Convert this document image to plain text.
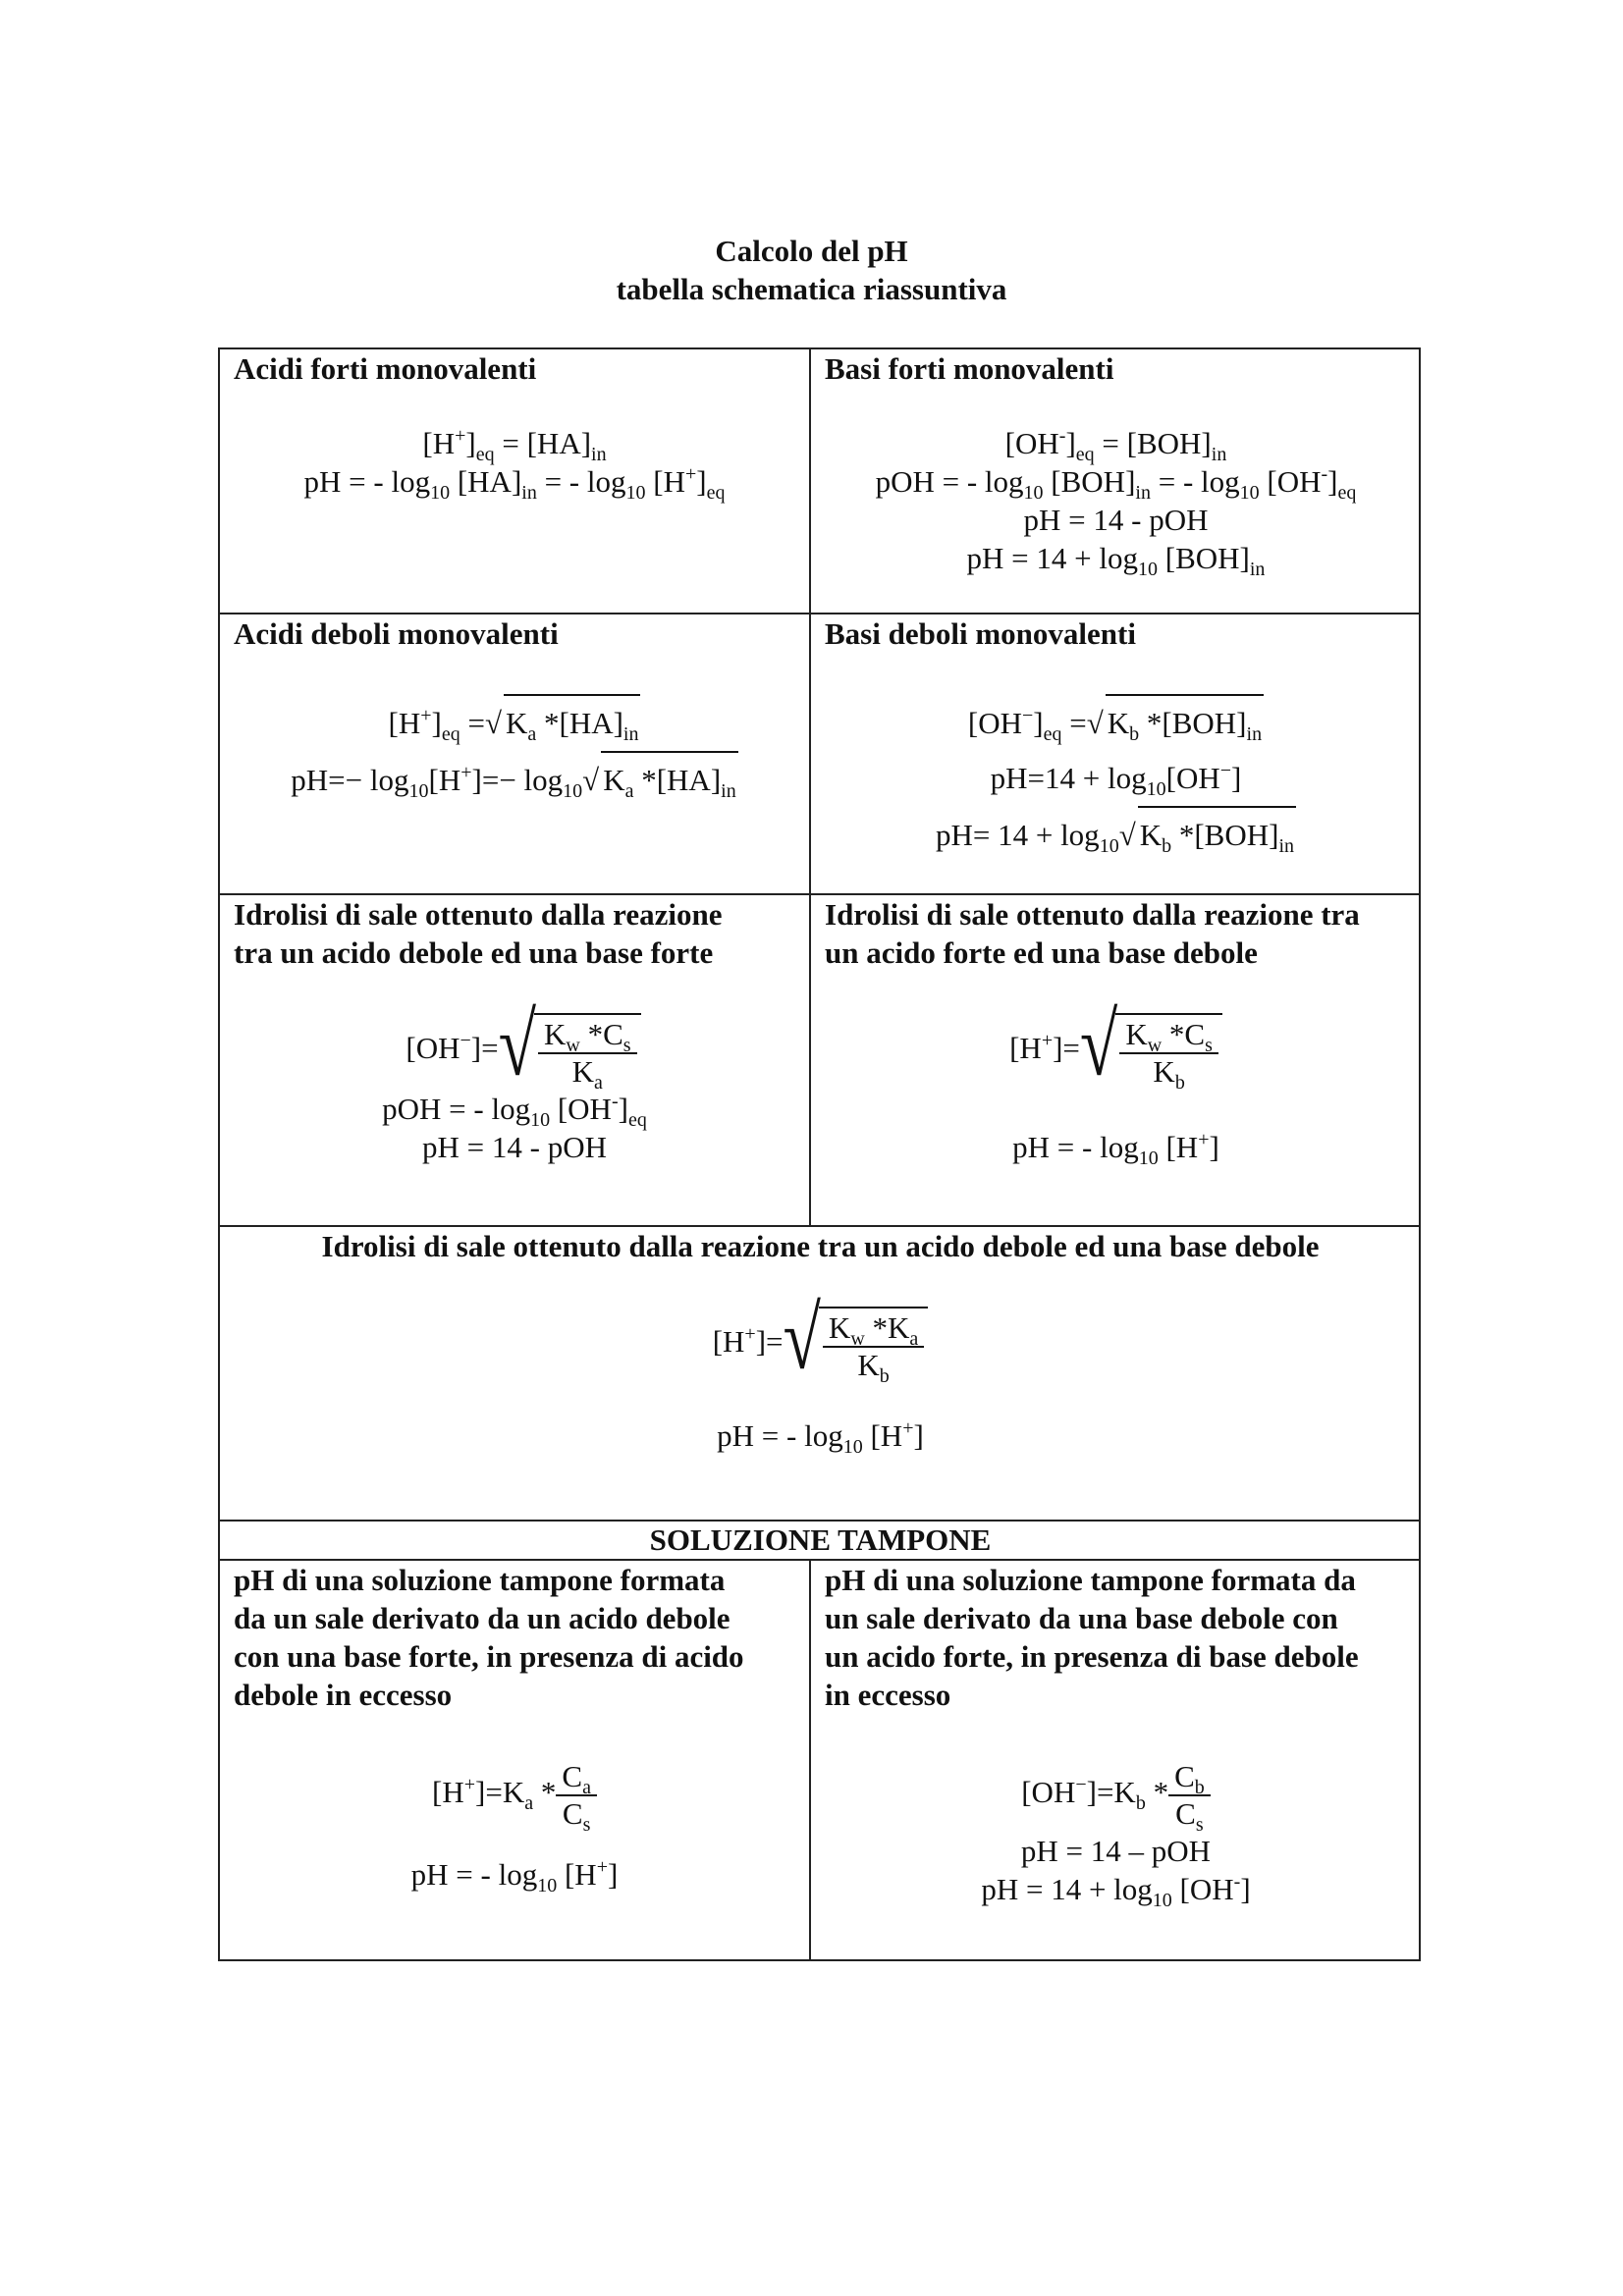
Calcolo del pH
tabella schematica riassuntiva
Acidi forti monovalenti
$[H^+]_{eq} = [HA]_{in}$
pH = - $\log_{10} [HA]_{in}$ = - $\log_{10} [H^+]_{eq}$
Basi forti monovalenti
$[OH^-]_{eq} = [BOH]_{in}$
pOH = - $\log_{10} [BOH]_{in}$ = - $\log_{10} [OH^-]_{eq}$
pH = 14 - pOH
pH = $14 + \log_{10} [BOH]_{in}$
Acidi deboli monovalenti
$[H^+]_{eq}$ =√ $K_a$ $*[HA]_{in}$
$pH=- \log_{10}[H^+]=- \log_{10}√$ $K_a$ $*[HA]_{in}$
Basi deboli monovalenti
$[OH^-]_{eq}$ =√ $K_b$ $*[BOH]_{in}$
$pH=14 + \log_{10}[OH^-]$
$pH= 14 + \log_{10}√$ $K_b$ $*[BOH]_{in}$
Idrolisi di sale ottenuto dalla reazione
tra un acido debole ed una base forte
[OH−]= √ $\frac{K_w *C_s}{K_a}$
pOH = - $\log_{10} [OH^-]_{eq}$
pH = 14 - pOH
Idrolisi di sale ottenuto dalla reazione tra
un acido forte ed una base debole
[H+]= √ $\frac{K_w *C_s}{K_b}$
pH = - $\log_{10} [H^+]$
Idrolisi di sale ottenuto dalla reazione tra un acido debole ed una base debole
[H+]= √ $\frac{K_w *K_a}{K_b}$
pH = - $\log_{10} [H^+]$
SOLUZIONE TAMPONE
pH di una soluzione tampone formata
da un sale derivato da un acido debole
con una base forte, in presenza di acido
debole in eccesso
$[H^+]=K_a * \frac{C_a}{C_s}$
pH = - $\log_{10} [H^+]$
pH di una soluzione tampone formata da
un sale derivato da una base debole con
un acido forte, in presenza di base debole
in eccesso
$[OH^-]=K_b * \frac{C_b}{C_s}$
pH = 14 – pOH
pH = $14 + \log_{10} [OH^-]$
